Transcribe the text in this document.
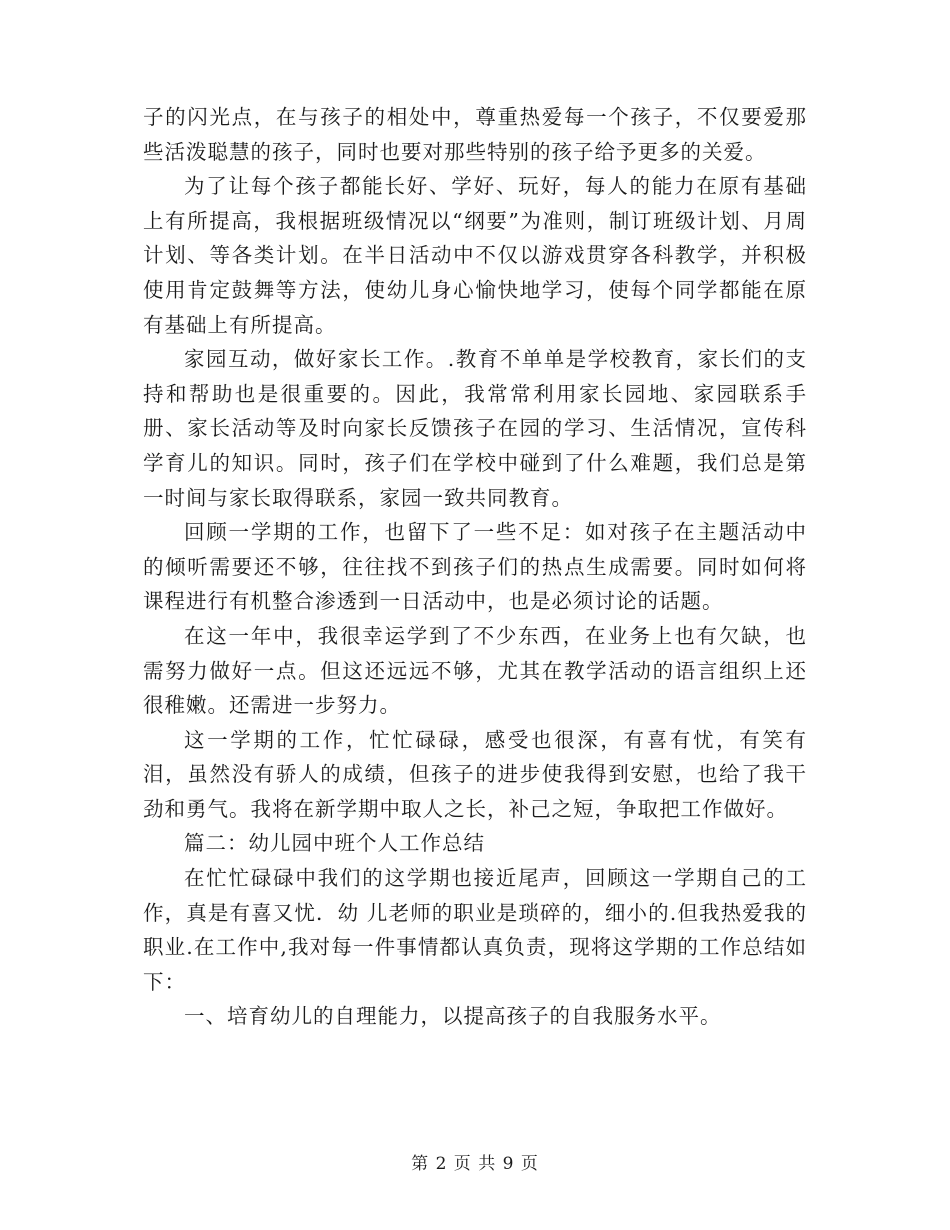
子的闪光点，在与孩子的相处中，尊重热爱每一个孩子，不仅要爱那些活泼聪慧的孩子，同时也要对那些特别的孩子给予更多的关爱。

为了让每个孩子都能长好、学好、玩好，每人的能力在原有基础上有所提高，我根据班级情况以“纲要”为准则，制订班级计划、月周计划、等各类计划。在半日活动中不仅以游戏贯穿各科教学，并积极使用肯定鼓舞等方法，使幼儿身心愉快地学习，使每个同学都能在原有基础上有所提高。

家园互动，做好家长工作。.教育不单单是学校教育，家长们的支持和帮助也是很重要的。因此，我常常利用家长园地、家园联系手册、家长活动等及时向家长反馈孩子在园的学习、生活情况，宣传科学育儿的知识。同时，孩子们在学校中碰到了什么难题，我们总是第一时间与家长取得联系，家园一致共同教育。

回顾一学期的工作，也留下了一些不足：如对孩子在主题活动中的倾听需要还不够，往往找不到孩子们的热点生成需要。同时如何将课程进行有机整合渗透到一日活动中，也是必须讨论的话题。

在这一年中，我很幸运学到了不少东西，在业务上也有欠缺，也需努力做好一点。但这还远远不够，尤其在教学活动的语言组织上还很稚嫩。还需进一步努力。

这一学期的工作，忙忙碌碌，感受也很深，有喜有忧，有笑有泪，虽然没有骄人的成绩，但孩子的进步使我得到安慰，也给了我干劲和勇气。我将在新学期中取人之长，补己之短，争取把工作做好。

篇二：幼儿园中班个人工作总结

在忙忙碌碌中我们的这学期也接近尾声，回顾这一学期自己的工作，真是有喜又忧．幼 儿老师的职业是琐碎的，细小的.但我热爱我的职业.在工作中,我对每一件事情都认真负责，现将这学期的工作总结如下：

一、培育幼儿的自理能力，以提高孩子的自我服务水平。

第 2 页 共 9 页
